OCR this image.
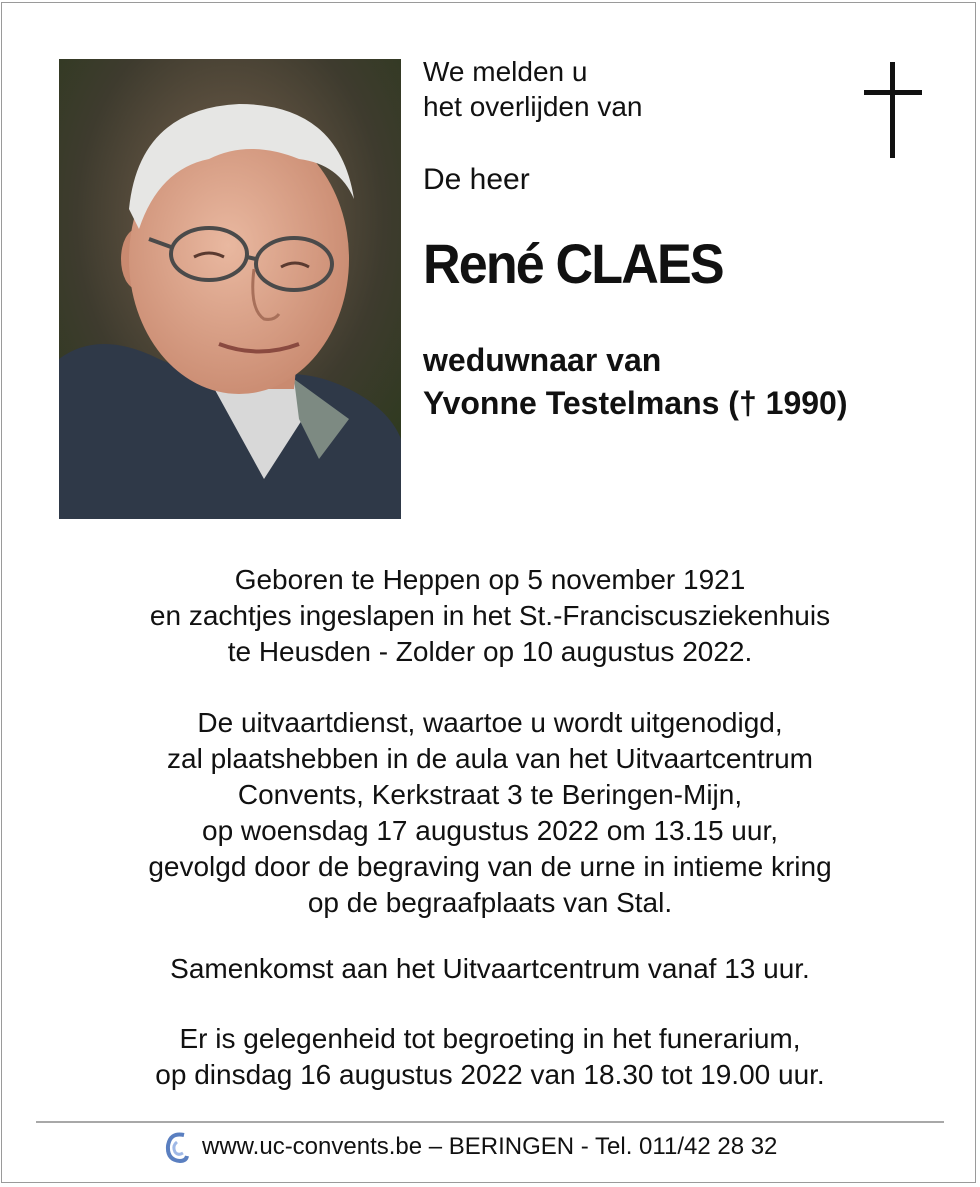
We melden u
het overlijden van
De heer
René CLAES
weduwnaar van
Yvonne Testelmans († 1990)
Geboren te Heppen op 5 november 1921
en zachtjes ingeslapen in het St.-Franciscusziekenhuis
te Heusden - Zolder op 10 augustus 2022.
De uitvaartdienst, waartoe u wordt uitgenodigd,
zal plaatshebben in de aula van het Uitvaartcentrum
Convents, Kerkstraat 3 te Beringen-Mijn,
op woensdag 17 augustus 2022 om 13.15 uur,
gevolgd door de begraving van de urne in intieme kring
op de begraafplaats van Stal.
Samenkomst aan het Uitvaartcentrum vanaf 13 uur.
Er is gelegenheid tot begroeting in het funerarium,
op dinsdag 16 augustus 2022 van 18.30 tot 19.00 uur.
www.uc-convents.be – BERINGEN - Tel. 011/42 28 32
